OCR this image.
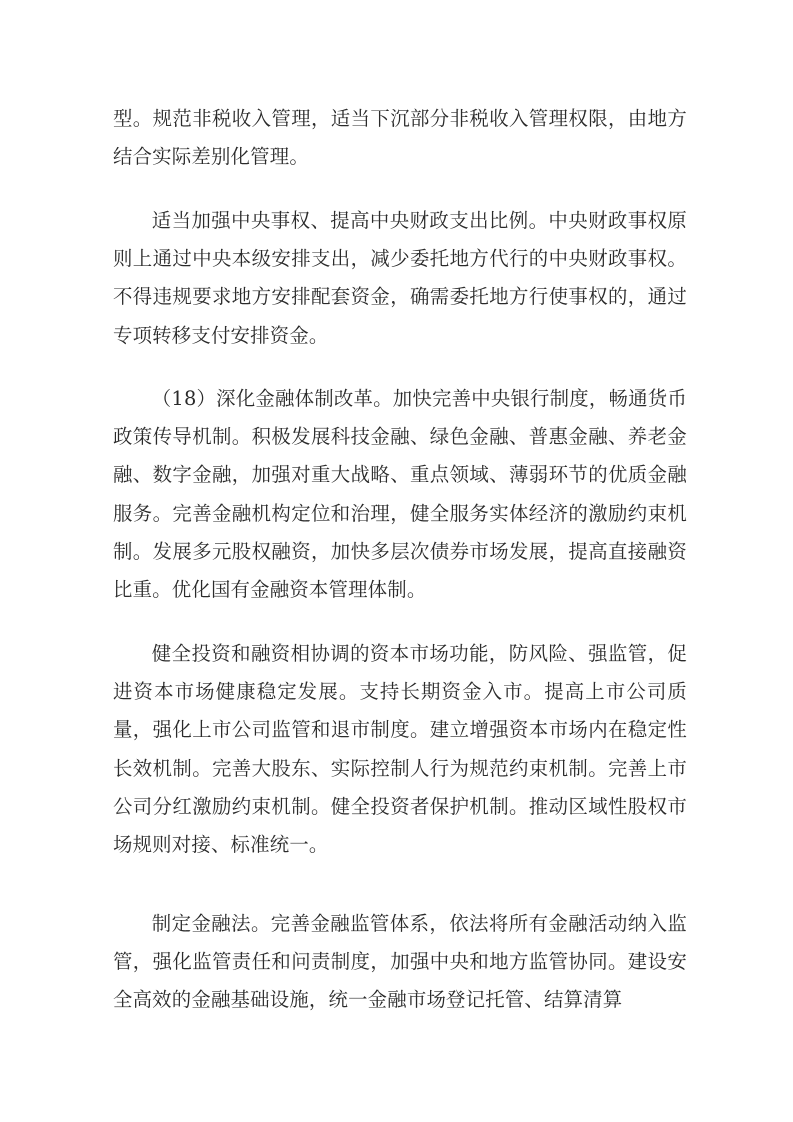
型。规范非税收入管理，适当下沉部分非税收入管理权限，由地方结合实际差别化管理。

适当加强中央事权、提高中央财政支出比例。中央财政事权原则上通过中央本级安排支出，减少委托地方代行的中央财政事权。不得违规要求地方安排配套资金，确需委托地方行使事权的，通过专项转移支付安排资金。

（18）深化金融体制改革。加快完善中央银行制度，畅通货币政策传导机制。积极发展科技金融、绿色金融、普惠金融、养老金融、数字金融，加强对重大战略、重点领域、薄弱环节的优质金融服务。完善金融机构定位和治理，健全服务实体经济的激励约束机制。发展多元股权融资，加快多层次债券市场发展，提高直接融资比重。优化国有金融资本管理体制。

健全投资和融资相协调的资本市场功能，防风险、强监管，促进资本市场健康稳定发展。支持长期资金入市。提高上市公司质量，强化上市公司监管和退市制度。建立增强资本市场内在稳定性长效机制。完善大股东、实际控制人行为规范约束机制。完善上市公司分红激励约束机制。健全投资者保护机制。推动区域性股权市场规则对接、标准统一。

制定金融法。完善金融监管体系，依法将所有金融活动纳入监管，强化监管责任和问责制度，加强中央和地方监管协同。建设安全高效的金融基础设施，统一金融市场登记托管、结算清算
